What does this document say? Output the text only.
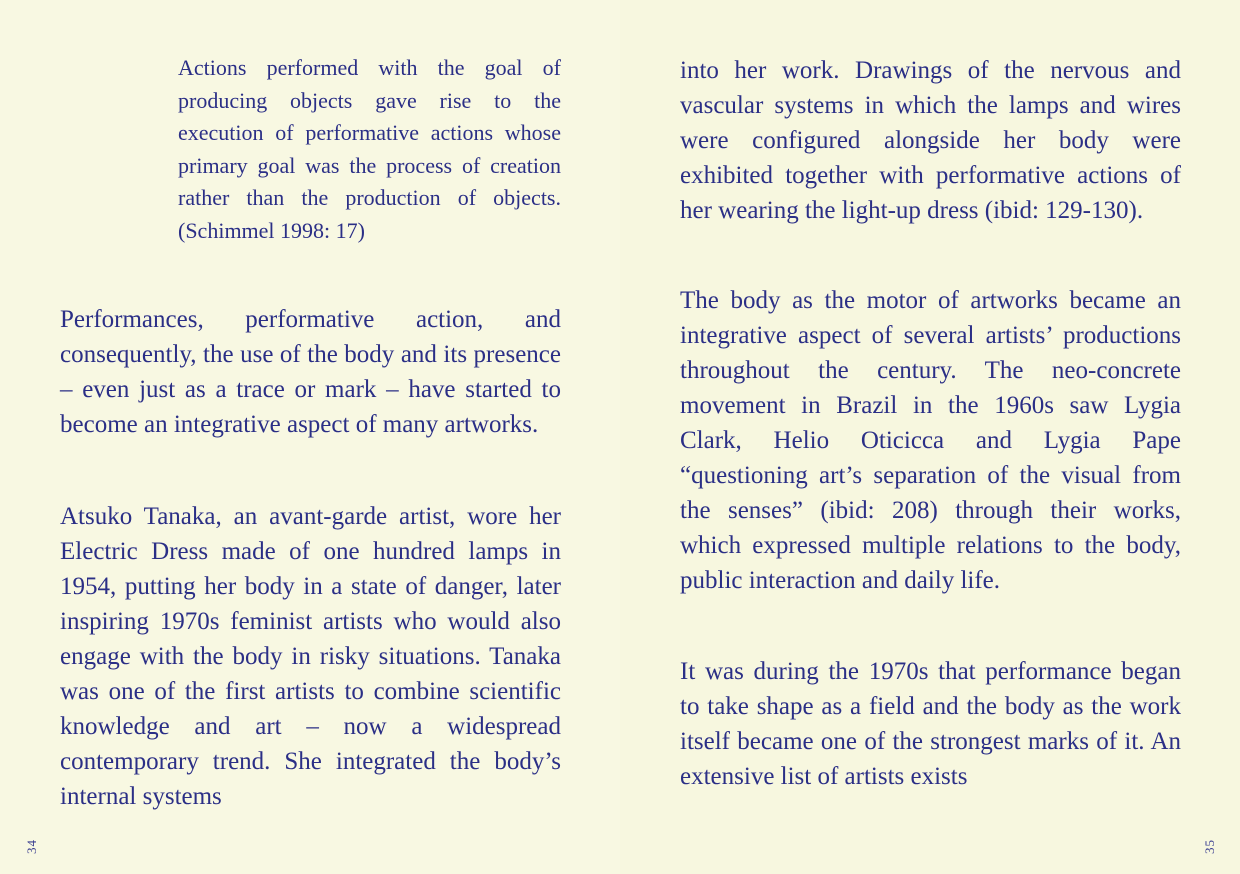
Actions performed with the goal of producing objects gave rise to the execution of performative actions whose primary goal was the process of creation rather than the production of objects. (Schimmel 1998: 17)

Performances, performative action, and consequently, the use of the body and its presence – even just as a trace or mark – have started to become an integrative aspect of many artworks.

Atsuko Tanaka, an avant-garde artist, wore her Electric Dress made of one hundred lamps in 1954, putting her body in a state of danger, later inspiring 1970s feminist artists who would also engage with the body in risky situations. Tanaka was one of the first artists to combine scientific knowledge and art – now a widespread contemporary trend. She integrated the body’s internal systems

34

into her work. Drawings of the nervous and vascular systems in which the lamps and wires were configured alongside her body were exhibited together with performative actions of her wearing the light-up dress (ibid: 129-130).

The body as the motor of artworks became an integrative aspect of several artists’ productions throughout the century. The neo-concrete movement in Brazil in the 1960s saw Lygia Clark, Helio Oticicca and Lygia Pape “questioning art’s separation of the visual from the senses” (ibid: 208) through their works, which expressed multiple relations to the body, public interaction and daily life.

It was during the 1970s that performance began to take shape as a field and the body as the work itself became one of the strongest marks of it. An extensive list of artists exists

35
